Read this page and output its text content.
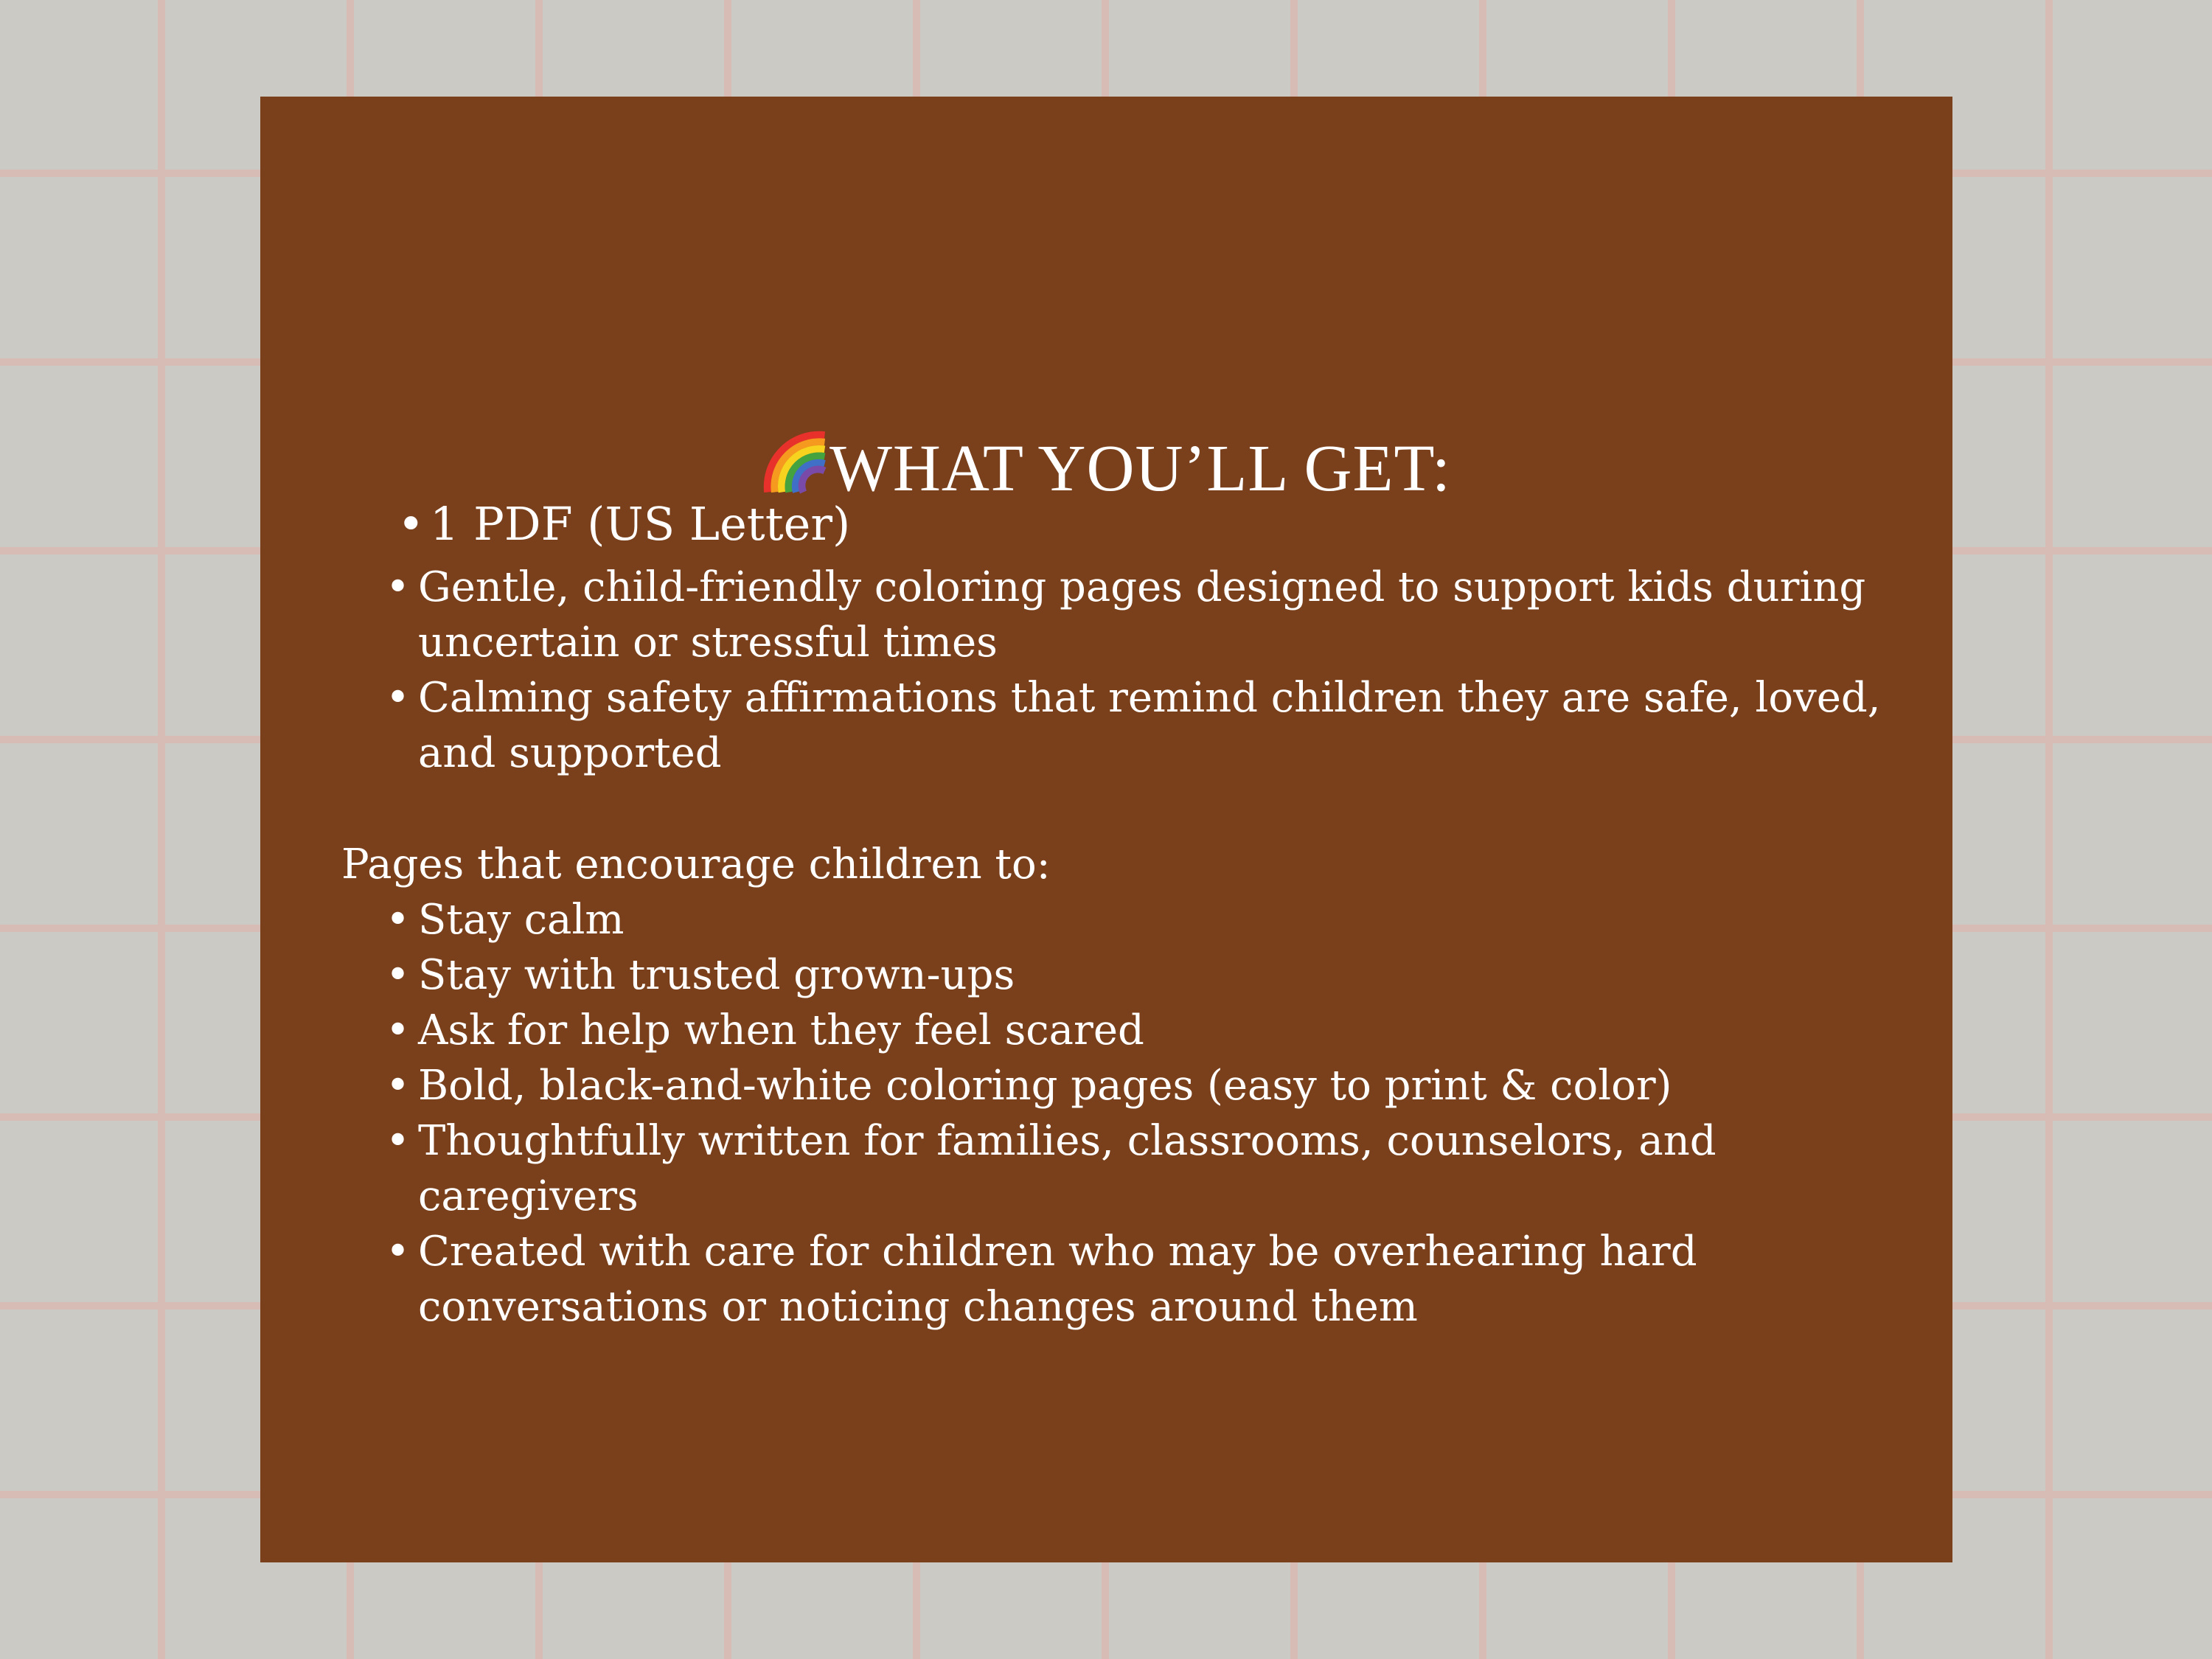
WHAT YOU’LL GET:
• 1 PDF (US Letter)
• Gentle, child-friendly coloring pages designed to support kids during uncertain or stressful times
• Calming safety affirmations that remind children they are safe, loved, and supported

Pages that encourage children to:

• Stay calm
• Stay with trusted grown-ups
• Ask for help when they feel scared
• Bold, black-and-white coloring pages (easy to print & color)
• Thoughtfully written for families, classrooms, counselors, and caregivers
• Created with care for children who may be overhearing hard conversations or noticing changes around them
